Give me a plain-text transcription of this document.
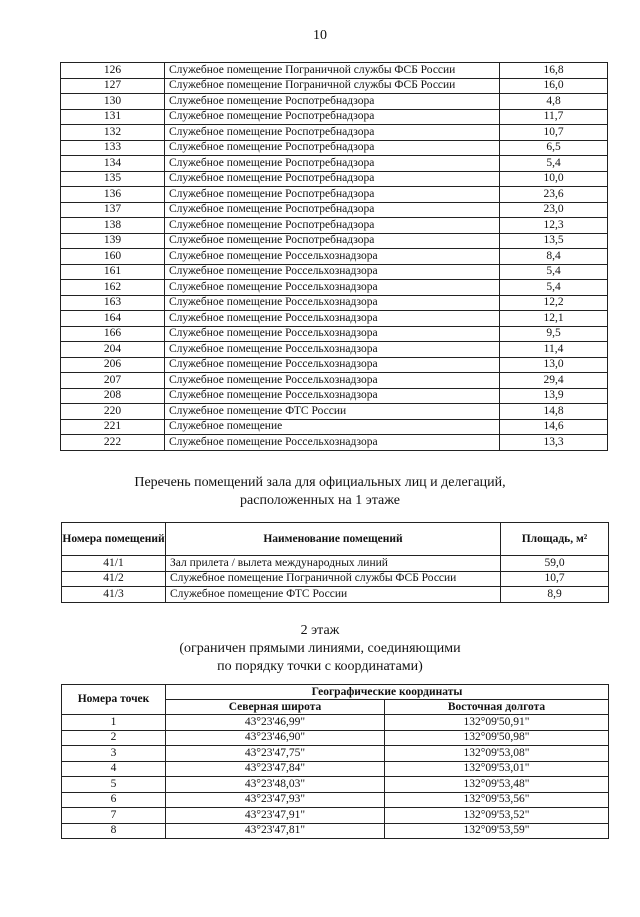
10
126	Служебное помещение Пограничной службы ФСБ России	16,8
127	Служебное помещение Пограничной службы ФСБ России	16,0
130	Служебное помещение Роспотребнадзора	4,8
131	Служебное помещение Роспотребнадзора	11,7
132	Служебное помещение Роспотребнадзора	10,7
133	Служебное помещение Роспотребнадзора	6,5
134	Служебное помещение Роспотребнадзора	5,4
135	Служебное помещение Роспотребнадзора	10,0
136	Служебное помещение Роспотребнадзора	23,6
137	Служебное помещение Роспотребнадзора	23,0
138	Служебное помещение Роспотребнадзора	12,3
139	Служебное помещение Роспотребнадзора	13,5
160	Служебное помещение Россельхознадзора	8,4
161	Служебное помещение Россельхознадзора	5,4
162	Служебное помещение Россельхознадзора	5,4
163	Служебное помещение Россельхознадзора	12,2
164	Служебное помещение Россельхознадзора	12,1
166	Служебное помещение Россельхознадзора	9,5
204	Служебное помещение Россельхознадзора	11,4
206	Служебное помещение Россельхознадзора	13,0
207	Служебное помещение Россельхознадзора	29,4
208	Служебное помещение Россельхознадзора	13,9
220	Служебное помещение ФТС России	14,8
221	Служебное помещение	14,6
222	Служебное помещение Россельхознадзора	13,3
Перечень помещений зала для официальных лиц и делегаций,
расположенных на 1 этаже
Номера помещений	Наименование помещений	Площадь, м²
41/1	Зал прилета / вылета международных линий	59,0
41/2	Служебное помещение Пограничной службы ФСБ России	10,7
41/3	Служебное помещение ФТС России	8,9
2 этаж
(ограничен прямыми линиями, соединяющими
по порядку точки с координатами)
Номера точек	Географические координаты	
	Северная широта	Восточная долгота
1	43°23'46,99"	132°09'50,91"
2	43°23'46,90"	132°09'50,98"
3	43°23'47,75"	132°09'53,08"
4	43°23'47,84"	132°09'53,01"
5	43°23'48,03"	132°09'53,48"
6	43°23'47,93"	132°09'53,56"
7	43°23'47,91"	132°09'53,52"
8	43°23'47,81"	132°09'53,59"
